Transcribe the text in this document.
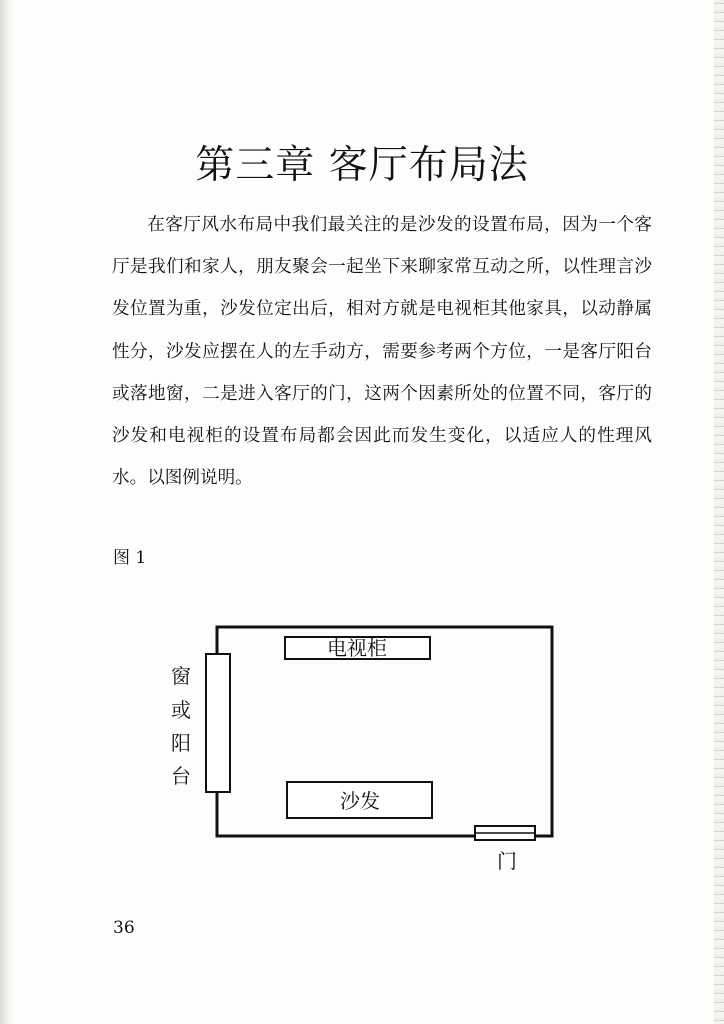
第三章 客厅布局法

在客厅风水布局中我们最关注的是沙发的设置布局，因为一个客厅是我们和家人，朋友聚会一起坐下来聊家常互动之所，以性理言沙发位置为重，沙发位定出后，相对方就是电视柜其他家具，以动静属性分，沙发应摆在人的左手动方，需要参考两个方位，一是客厅阳台或落地窗，二是进入客厅的门，这两个因素所处的位置不同，客厅的沙发和电视柜的设置布局都会因此而发生变化，以适应人的性理风水。以图例说明。

图 1
电视柜
沙发
窗
或
阳
台
门
36
